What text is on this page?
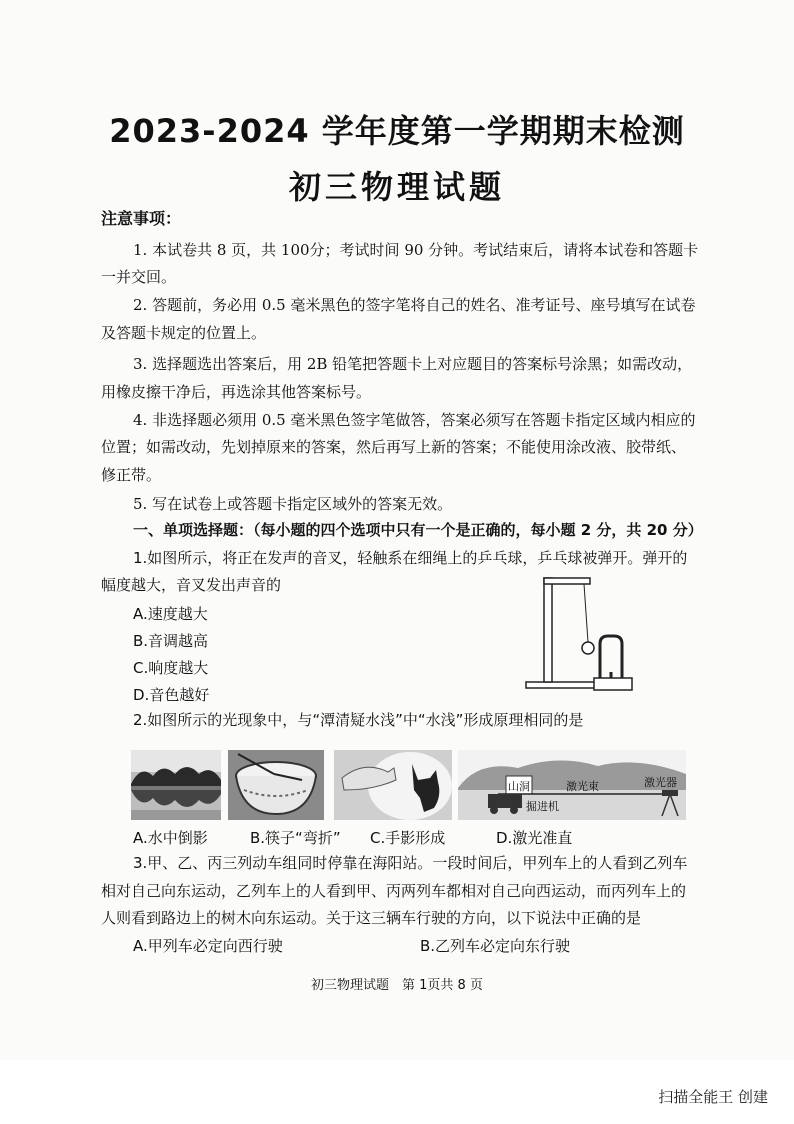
2023-2024 学年度第一学期期末检测
初三物理试题
注意事项：
1. 本试卷共 8 页，共 100分；考试时间 90 分钟。考试结束后，请将本试卷和答题卡
一并交回。
2. 答题前，务必用 0.5 毫米黑色的签字笔将自己的姓名、准考证号、座号填写在试卷
及答题卡规定的位置上。
3. 选择题选出答案后，用 2B 铅笔把答题卡上对应题目的答案标号涂黑；如需改动，
用橡皮擦干净后，再选涂其他答案标号。
4. 非选择题必须用 0.5 毫米黑色签字笔做答，答案必须写在答题卡指定区域内相应的
位置；如需改动，先划掉原来的答案，然后再写上新的答案；不能使用涂改液、胶带纸、
修正带。
5. 写在试卷上或答题卡指定区域外的答案无效。
一、单项选择题：（每小题的四个选项中只有一个是正确的，每小题 2 分，共 20 分）
1.如图所示，将正在发声的音叉，轻触系在细绳上的乒乓球，乒乓球被弹开。弹开的
幅度越大，音叉发出声音的
A.速度越大
B.音调越高
C.响度越大
D.音色越好
2.如图所示的光现象中，与“潭清疑水浅”中“水浅”形成原理相同的是
山洞	激光束	激光器
掘进机
A.水中倒影	B.筷子“弯折” C.手影形成	D.激光准直
3.甲、乙、丙三列动车组同时停靠在海阳站。一段时间后，甲列车上的人看到乙列车
相对自己向东运动，乙列车上的人看到甲、丙两列车都相对自己向西运动，而丙列车上的
人则看到路边上的树木向东运动。关于这三辆车行驶的方向，以下说法中正确的是
A.甲列车必定向西行驶	B.乙列车必定向东行驶
初三物理试题　第 1页共 8 页
扫描全能王 创建
